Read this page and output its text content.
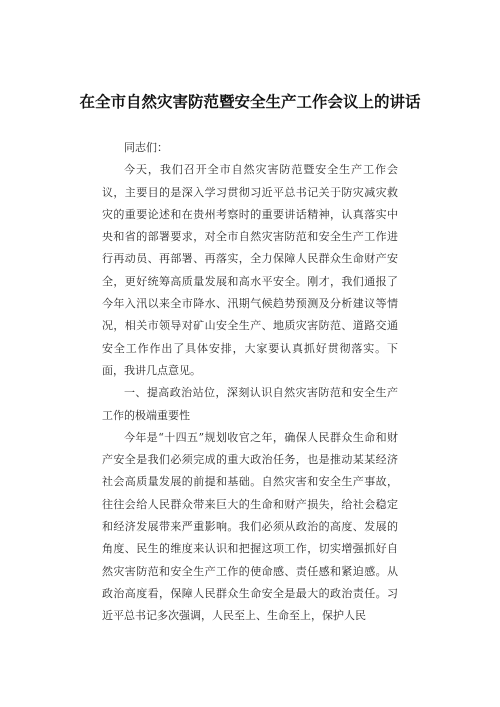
在全市自然灾害防范暨安全生产工作会议上的讲话

同志们：

今天，我们召开全市自然灾害防范暨安全生产工作会议，主要目的是深入学习贯彻习近平总书记关于防灾减灾救灾的重要论述和在贵州考察时的重要讲话精神，认真落实中央和省的部署要求，对全市自然灾害防范和安全生产工作进行再动员、再部署、再落实，全力保障人民群众生命财产安全，更好统筹高质量发展和高水平安全。刚才，我们通报了今年入汛以来全市降水、汛期气候趋势预测及分析建议等情况，相关市领导对矿山安全生产、地质灾害防范、道路交通安全工作作出了具体安排，大家要认真抓好贯彻落实。下面，我讲几点意见。

一、提高政治站位，深刻认识自然灾害防范和安全生产工作的极端重要性

今年是“十四五”规划收官之年，确保人民群众生命和财产安全是我们必须完成的重大政治任务，也是推动某某经济社会高质量发展的前提和基础。自然灾害和安全生产事故，往往会给人民群众带来巨大的生命和财产损失，给社会稳定和经济发展带来严重影响。我们必须从政治的高度、发展的角度、民生的维度来认识和把握这项工作，切实增强抓好自然灾害防范和安全生产工作的使命感、责任感和紧迫感。从政治高度看，保障人民群众生命安全是最大的政治责任。习近平总书记多次强调，人民至上、生命至上，保护人民
